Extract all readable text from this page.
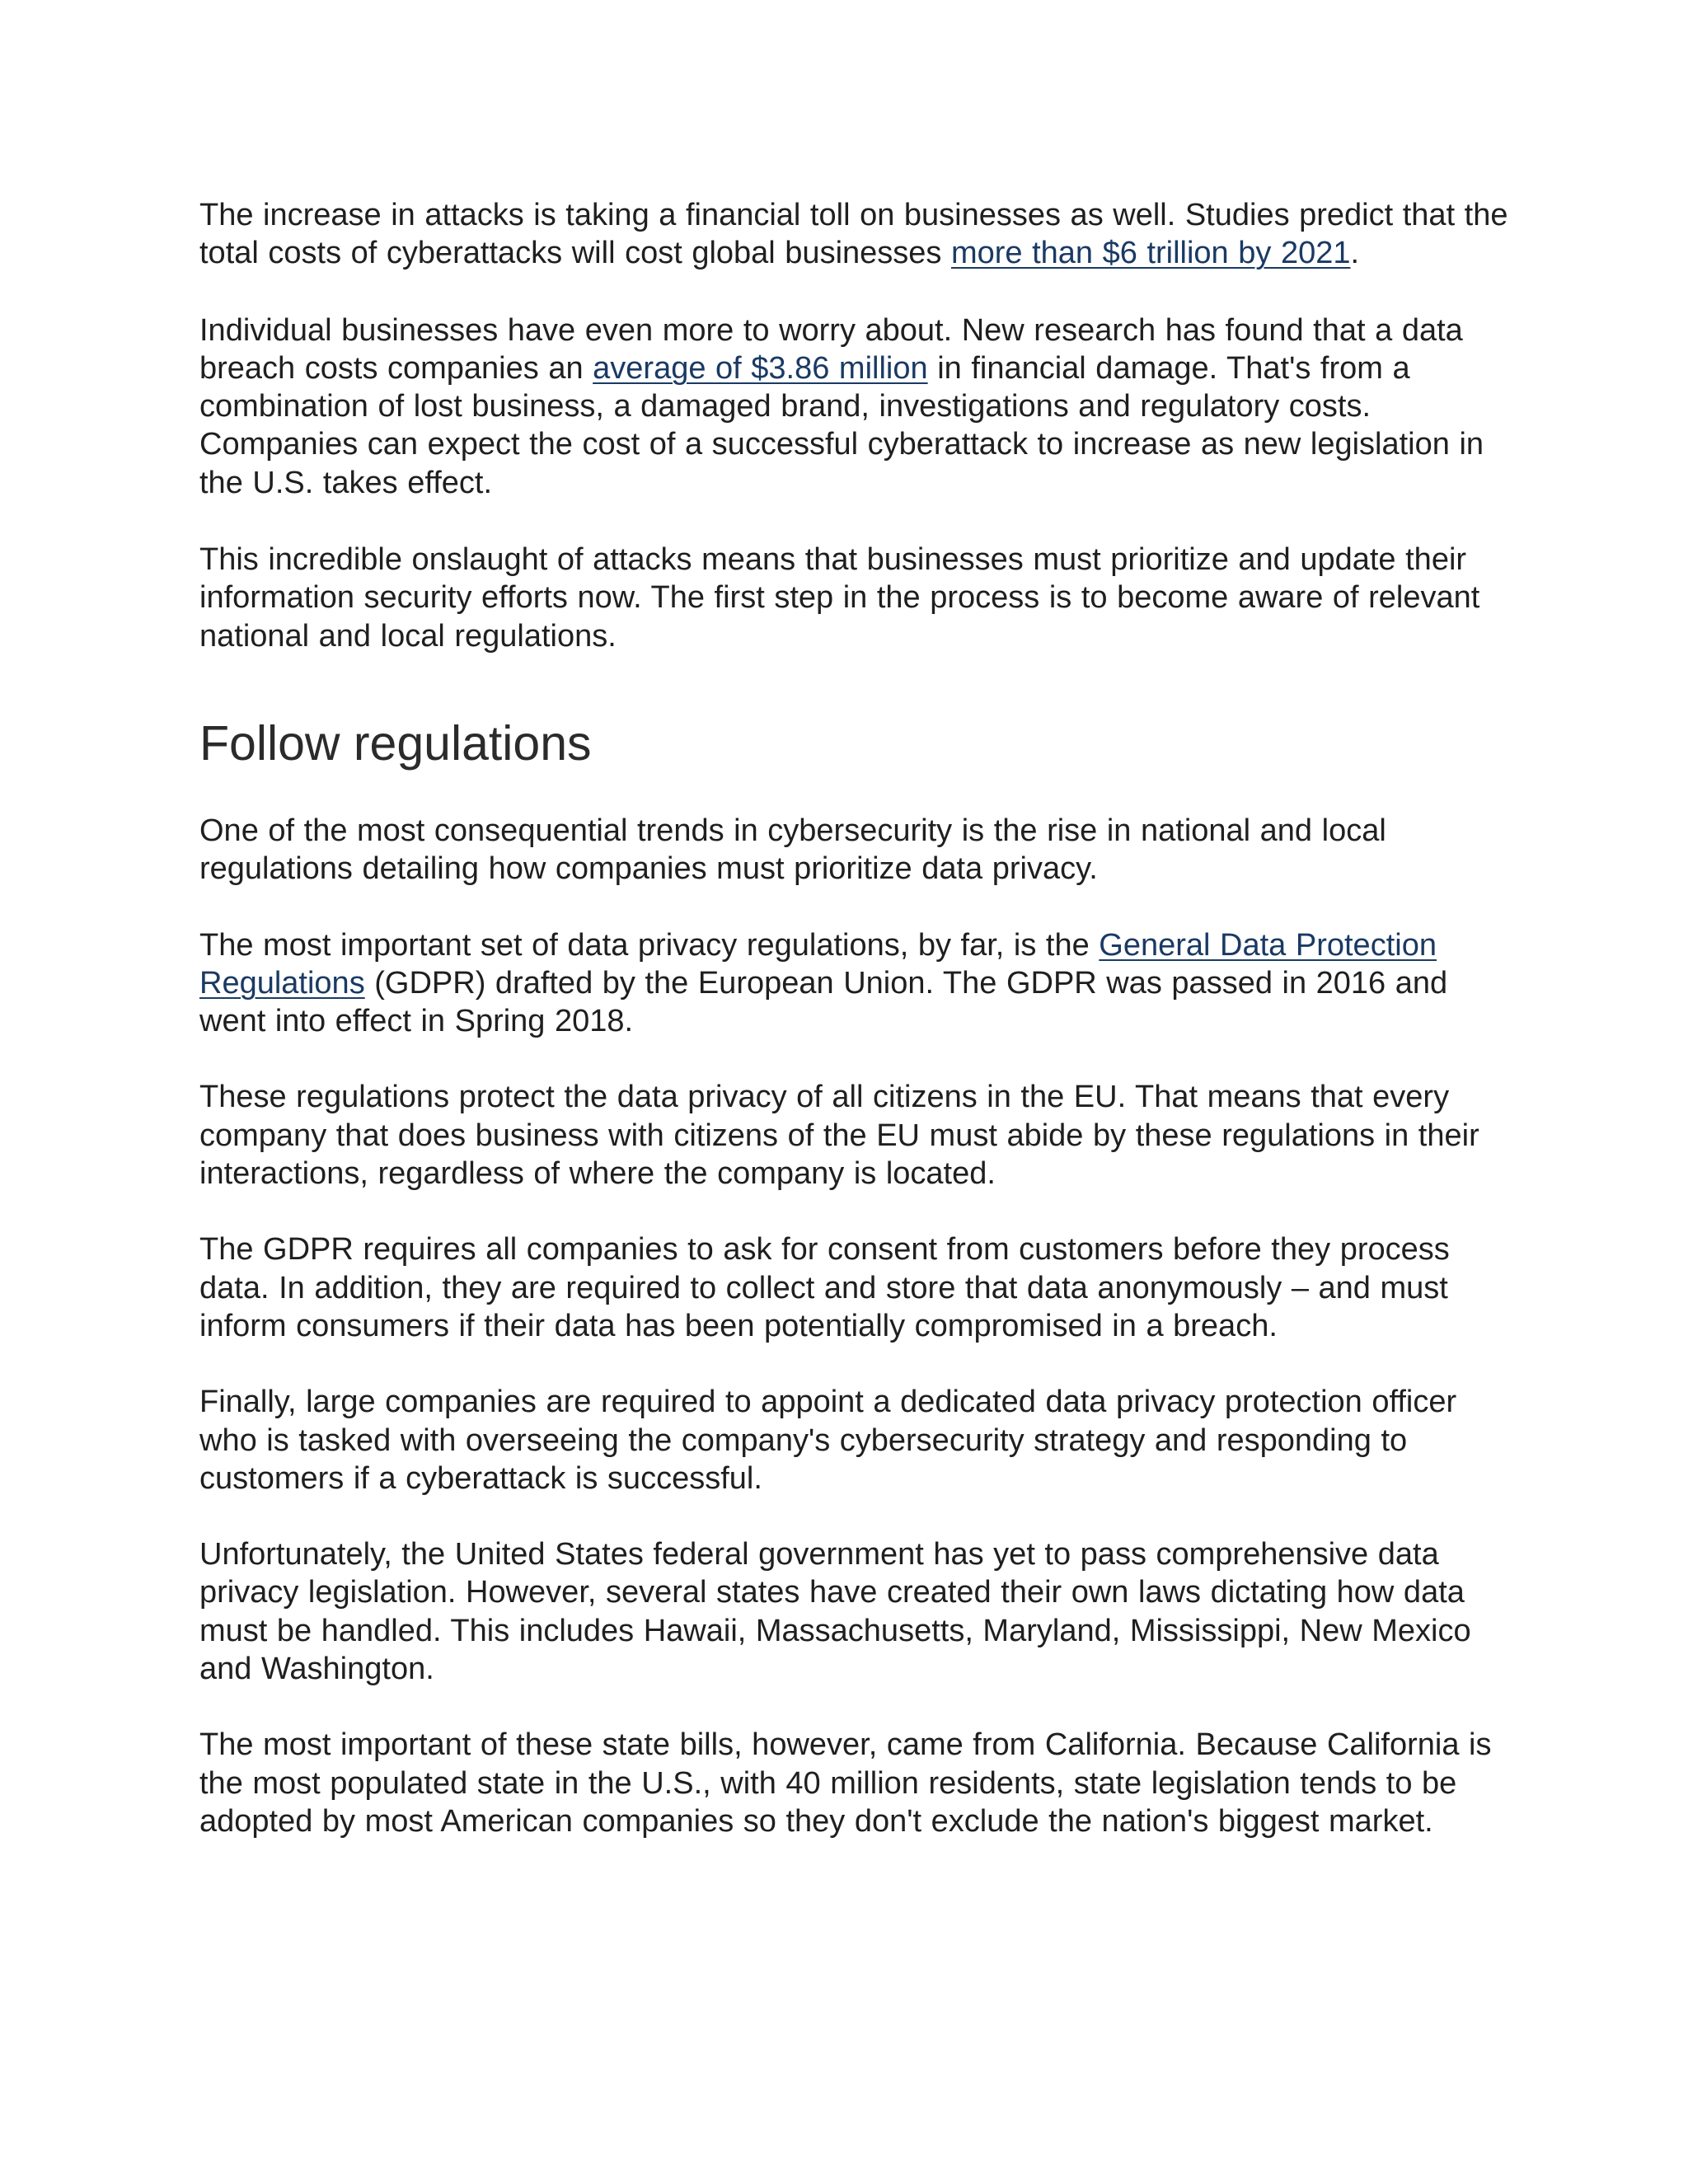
The increase in attacks is taking a financial toll on businesses as well. Studies predict that the total costs of cyberattacks will cost global businesses more than $6 trillion by 2021.

Individual businesses have even more to worry about. New research has found that a data breach costs companies an average of $3.86 million in financial damage. That's from a combination of lost business, a damaged brand, investigations and regulatory costs. Companies can expect the cost of a successful cyberattack to increase as new legislation in the U.S. takes effect.

This incredible onslaught of attacks means that businesses must prioritize and update their information security efforts now. The first step in the process is to become aware of relevant national and local regulations.

Follow regulations

One of the most consequential trends in cybersecurity is the rise in national and local regulations detailing how companies must prioritize data privacy.

The most important set of data privacy regulations, by far, is the General Data Protection Regulations (GDPR) drafted by the European Union. The GDPR was passed in 2016 and went into effect in Spring 2018.

These regulations protect the data privacy of all citizens in the EU. That means that every company that does business with citizens of the EU must abide by these regulations in their interactions, regardless of where the company is located.

The GDPR requires all companies to ask for consent from customers before they process data. In addition, they are required to collect and store that data anonymously – and must inform consumers if their data has been potentially compromised in a breach.

Finally, large companies are required to appoint a dedicated data privacy protection officer who is tasked with overseeing the company's cybersecurity strategy and responding to customers if a cyberattack is successful.

Unfortunately, the United States federal government has yet to pass comprehensive data privacy legislation. However, several states have created their own laws dictating how data must be handled. This includes Hawaii, Massachusetts, Maryland, Mississippi, New Mexico and Washington.

The most important of these state bills, however, came from California. Because California is the most populated state in the U.S., with 40 million residents, state legislation tends to be adopted by most American companies so they don't exclude the nation's biggest market.
